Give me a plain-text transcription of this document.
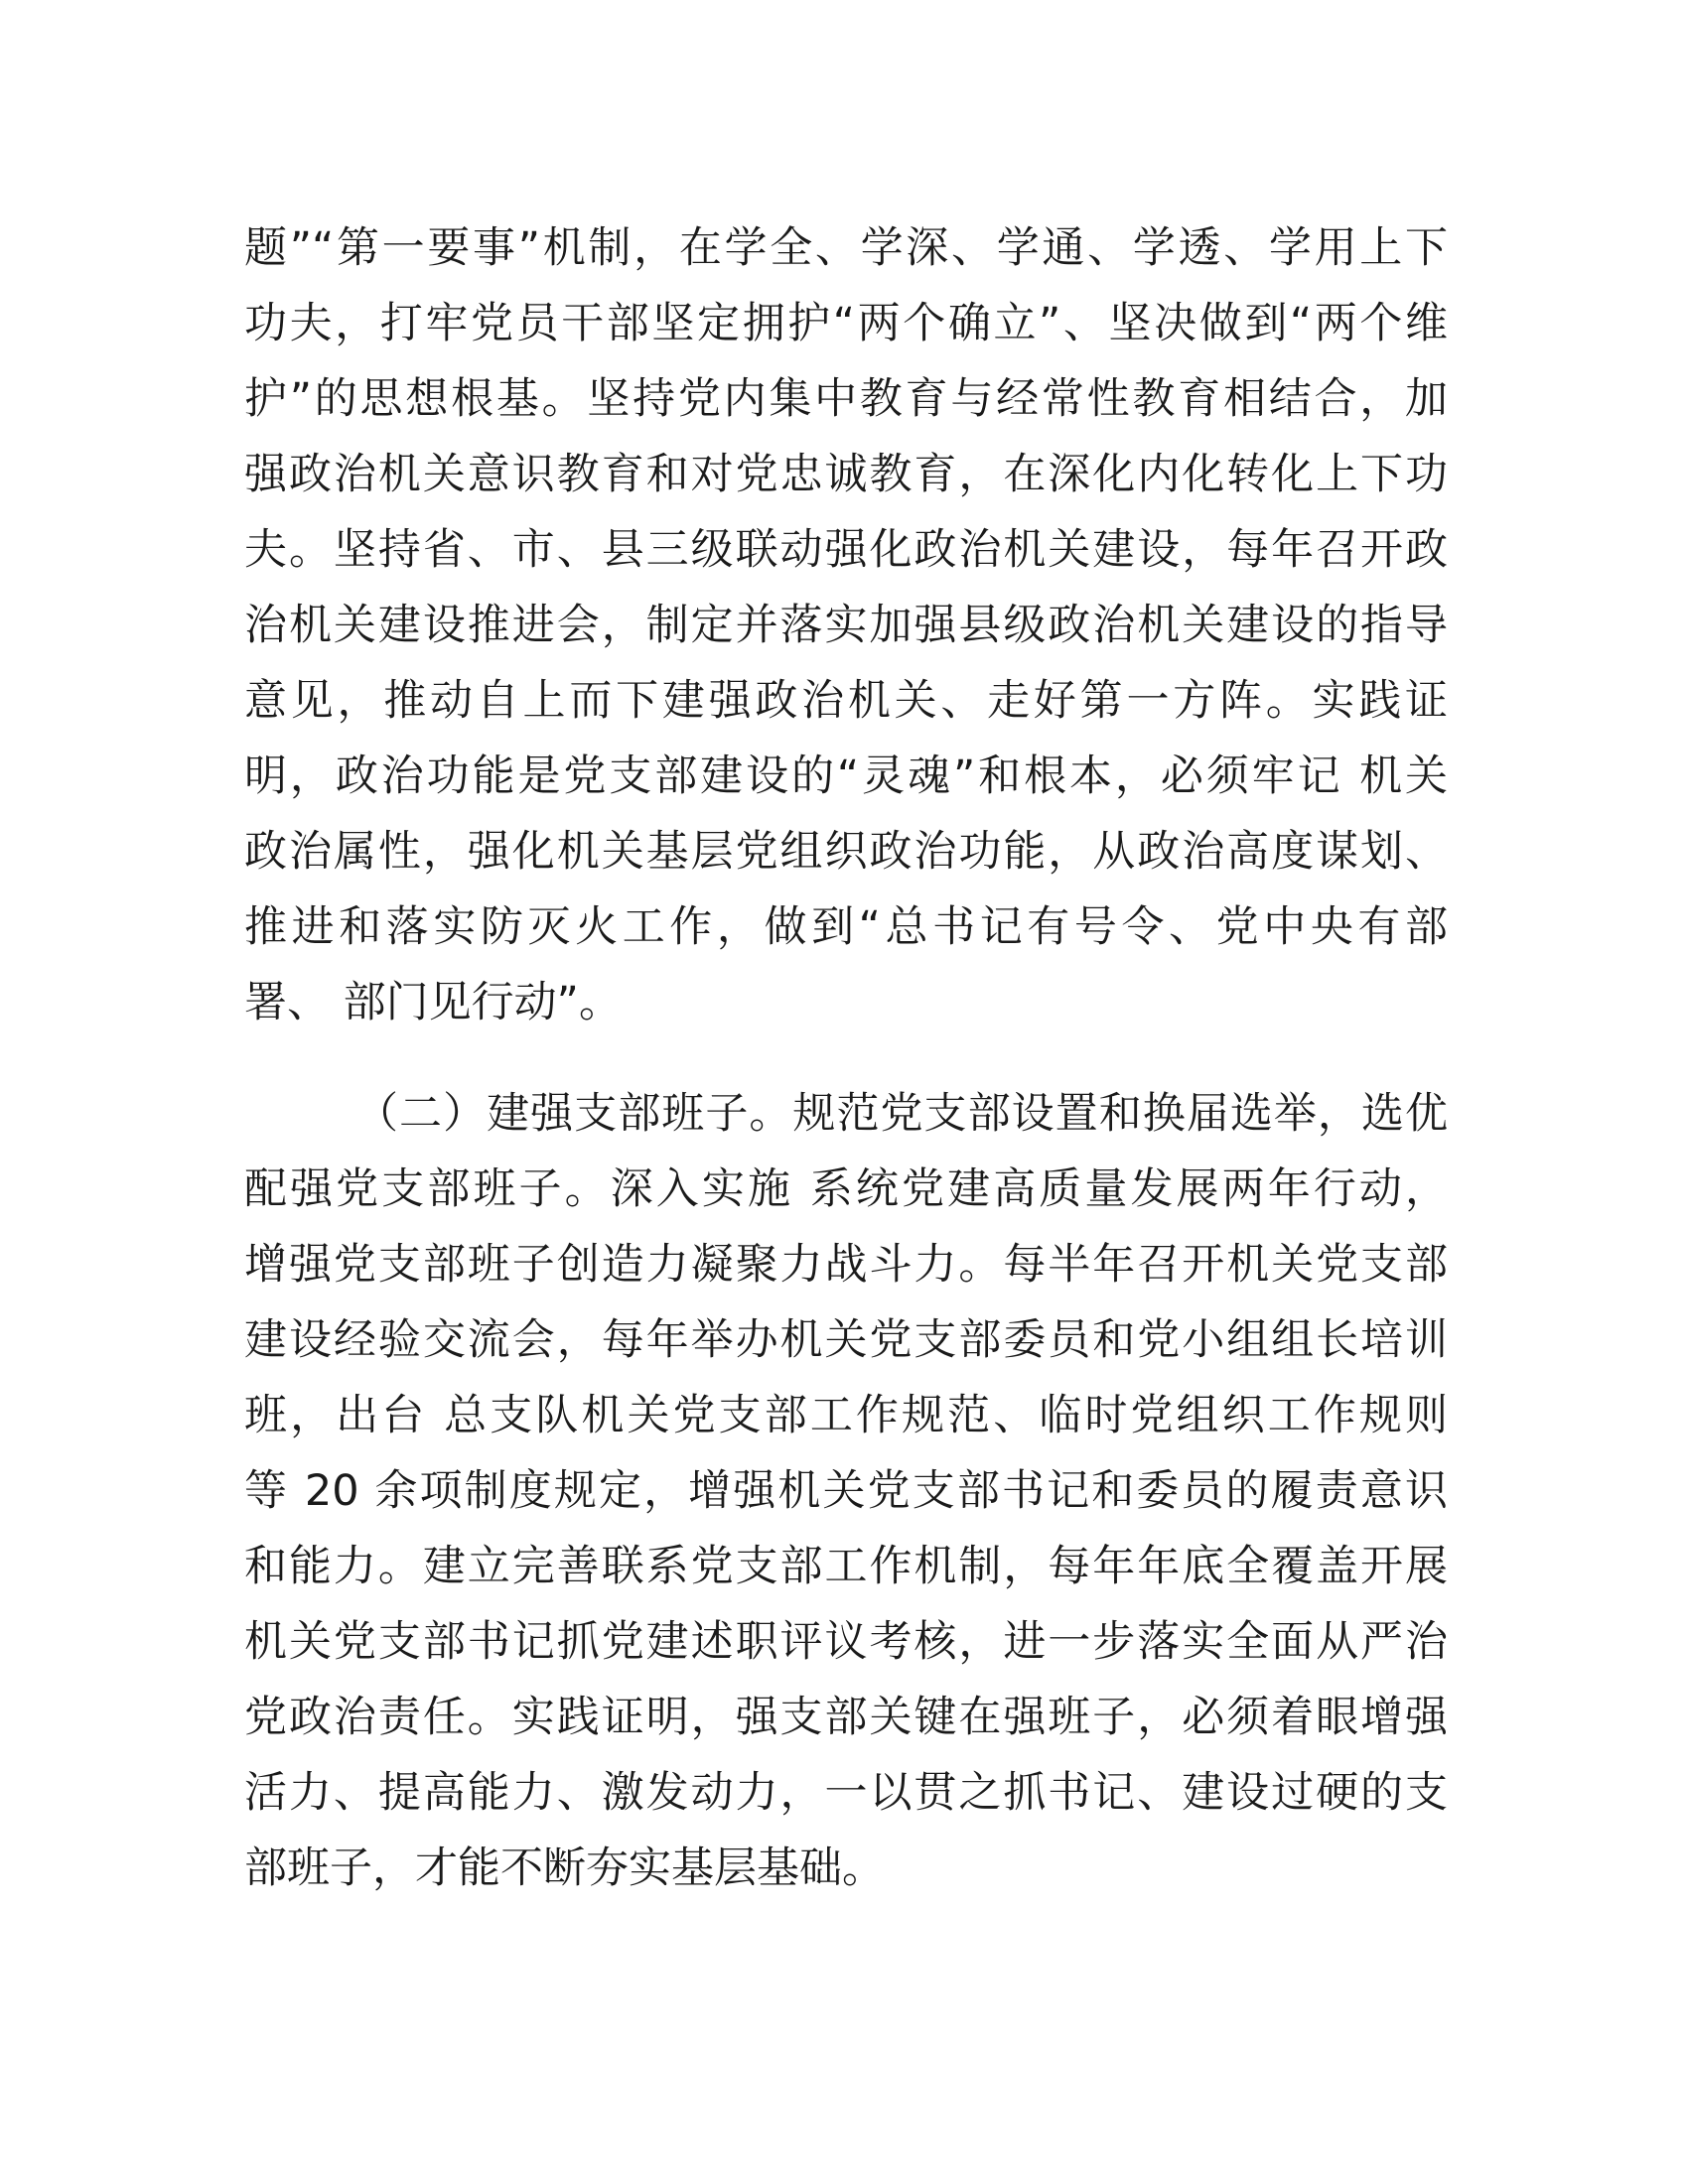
题”“第一要事”机制，在学全、学深、学通、学透、学用上下
功夫，打牢党员干部坚定拥护“两个确立”、坚决做到“两个维
护”的思想根基。坚持党内集中教育与经常性教育相结合，加
强政治机关意识教育和对党忠诚教育，在深化内化转化上下功
夫。坚持省、市、县三级联动强化政治机关建设，每年召开政
治机关建设推进会，制定并落实加强县级政治机关建设的指导
意见，推动自上而下建强政治机关、走好第一方阵。实践证
明，政治功能是党支部建设的“灵魂”和根本，必须牢记 机关
政治属性，强化机关基层党组织政治功能，从政治高度谋划、
推进和落实防灭火工作，做到“总书记有号令、党中央有部
署、 部门见行动”。
（二）建强支部班子。规范党支部设置和换届选举，选优
配强党支部班子。深入实施 系统党建高质量发展两年行动，
增强党支部班子创造力凝聚力战斗力。每半年召开机关党支部
建设经验交流会，每年举办机关党支部委员和党小组组长培训
班，出台 总支队机关党支部工作规范、临时党组织工作规则
等 20 余项制度规定，增强机关党支部书记和委员的履责意识
和能力。建立完善联系党支部工作机制，每年年底全覆盖开展
机关党支部书记抓党建述职评议考核，进一步落实全面从严治
党政治责任。实践证明，强支部关键在强班子，必须着眼增强
活力、提高能力、激发动力，一以贯之抓书记、建设过硬的支
部班子，才能不断夯实基层基础。
